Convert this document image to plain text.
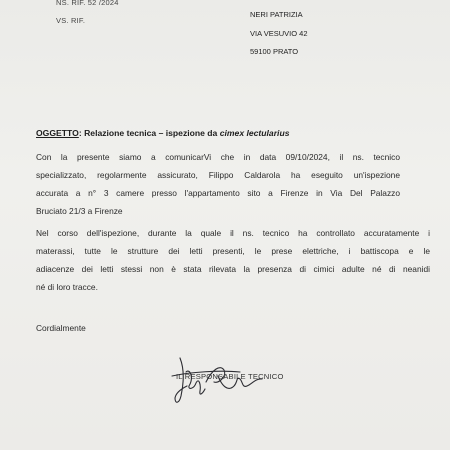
NS. RIF. 52 /2024
VS. RIF.
NERI PATRIZIA
VIA VESUVIO 42
59100 PRATO
OGGETTO: Relazione tecnica – ispezione da cimex lectularius
Con la presente siamo a comunicarVi che in data 09/10/2024, il ns. tecnico
specializzato, regolarmente assicurato, Filippo Caldarola ha eseguito un'ispezione
accurata a n° 3 camere presso l'appartamento sito a Firenze in Via Del Palazzo
Bruciato 21/3 a Firenze
Nel corso dell'ispezione, durante la quale il ns. tecnico ha controllato accuratamente i
materassi, tutte le strutture dei letti presenti, le prese elettriche, i battiscopa e le
adiacenze dei letti stessi non è stata rilevata la presenza di cimici adulte né di neanidi
né di loro tracce.
Cordialmente
IL RESPONSABILE TECNICO
